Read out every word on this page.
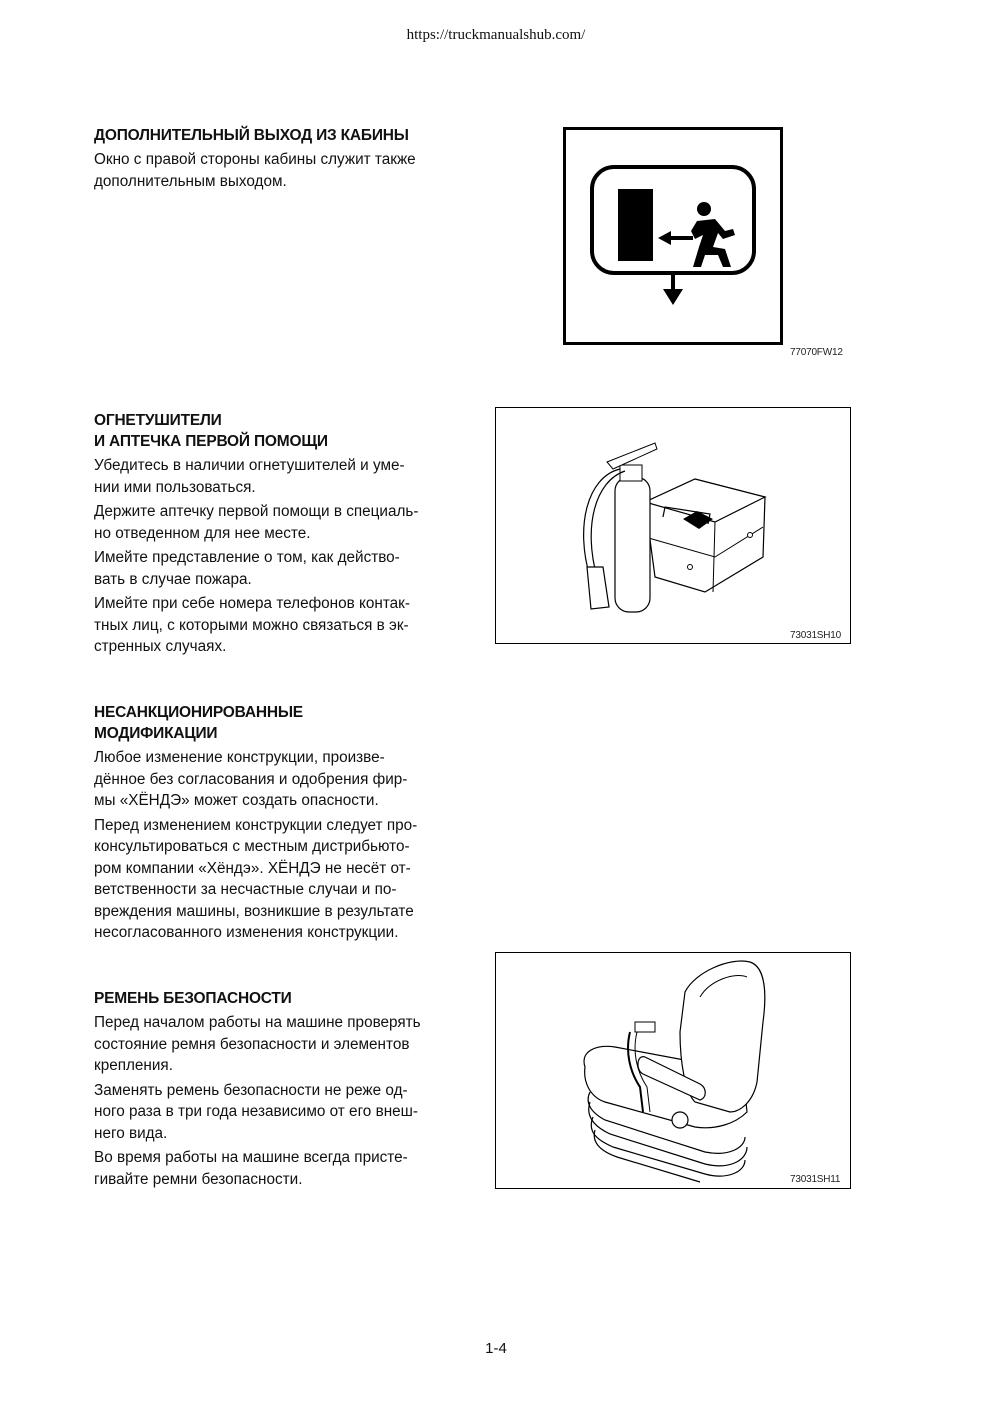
https://truckmanualshub.com/
ДОПОЛНИТЕЛЬНЫЙ ВЫХОД ИЗ КАБИНЫ
Окно с правой стороны кабины служит также
дополнительным выходом.
77070FW12
ОГНЕТУШИТЕЛИ
И АПТЕЧКА ПЕРВОЙ ПОМОЩИ
Убедитесь в наличии огнетушителей и уме-
нии ими пользоваться.
Держите аптечку первой помощи в специаль-
но отведенном для нее месте.
Имейте представление о том, как действо-
вать в случае пожара.
Имейте при себе номера телефонов контак-
тных лиц, с которыми можно связаться в эк-
стренных случаях.
73031SH10
НЕСАНКЦИОНИРОВАННЫЕ
МОДИФИКАЦИИ
Любое изменение конструкции, произве-
дённое без согласования и одобрения фир-
мы «ХЁНДЭ» может создать опасности.
Перед изменением конструкции следует про-
консультироваться с местным дистрибьюто-
ром компании «Хёндэ». ХЁНДЭ не несёт от-
ветственности за несчастные случаи и по-
вреждения машины, возникшие в результате
несогласованного изменения конструкции.
РЕМЕНЬ БЕЗОПАСНОСТИ
Перед началом работы на машине проверять
состояние ремня безопасности и элементов
крепления.
Заменять ремень безопасности не реже од-
ного раза в три года независимо от его внеш-
него вида.
Во время работы на машине всегда присте-
гивайте ремни безопасности.	73031SH11
1-4
